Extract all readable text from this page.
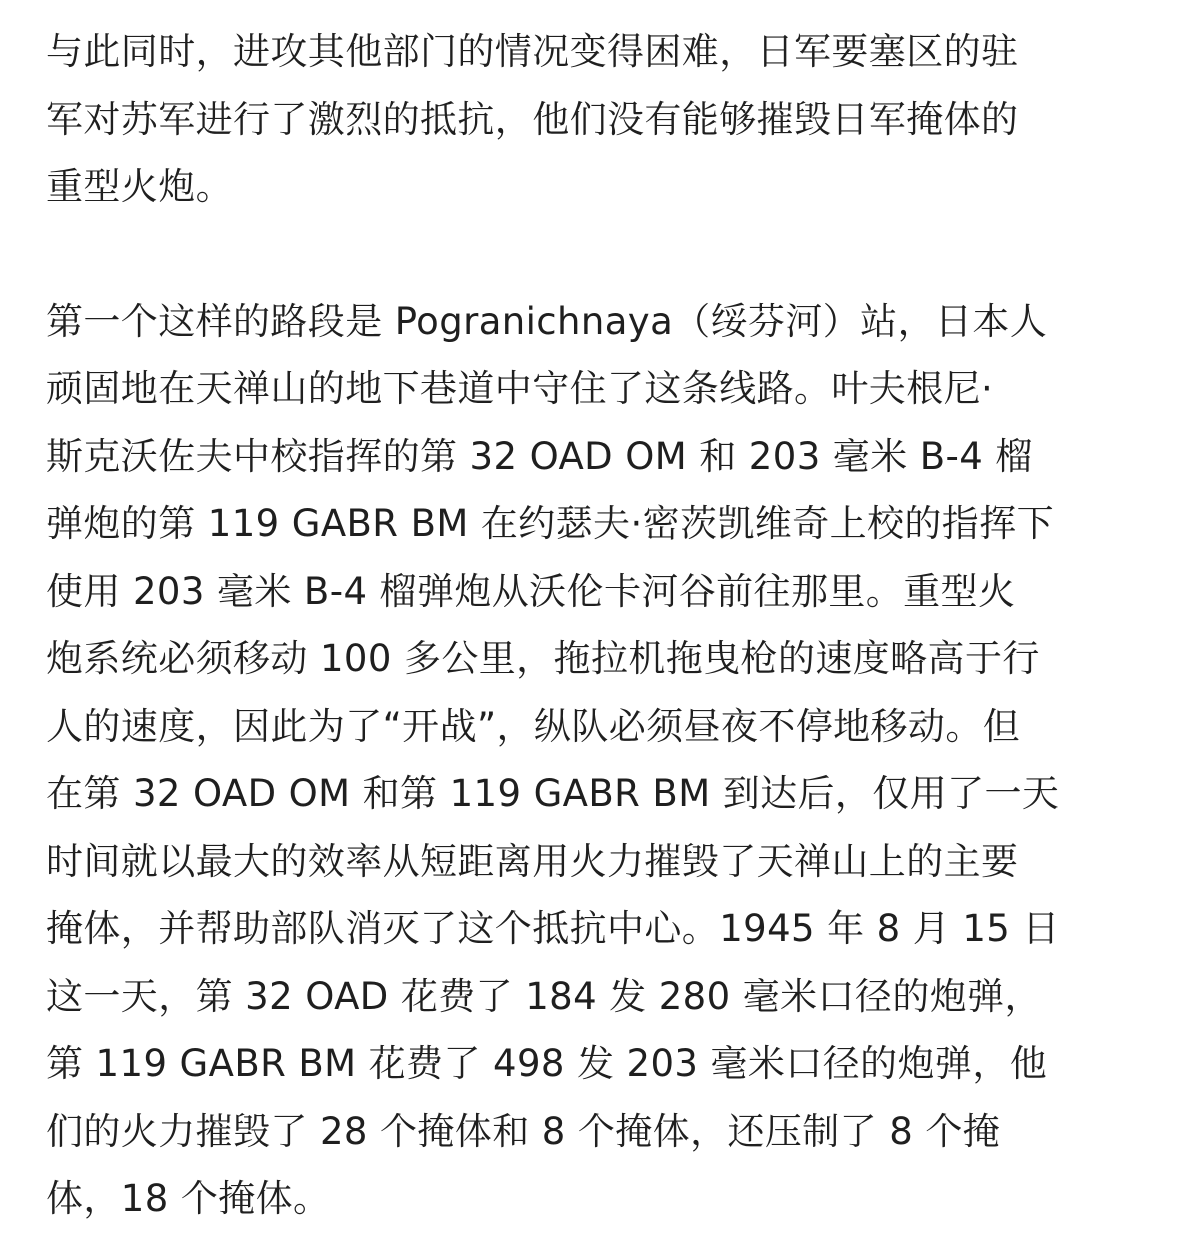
与此同时，进攻其他部门的情况变得困难，日军要塞区的驻
军对苏军进行了激烈的抵抗，他们没有能够摧毁日军掩体的
重型火炮。

第一个这样的路段是 Pogranichnaya（绥芬河）站，日本人
顽固地在天禅山的地下巷道中守住了这条线路。叶夫根尼·
斯克沃佐夫中校指挥的第 32 OAD OM 和 203 毫米 B-4 榴
弹炮的第 119 GABR BM 在约瑟夫·密茨凯维奇上校的指挥下
使用 203 毫米 B-4 榴弹炮从沃伦卡河谷前往那里。重型火
炮系统必须移动 100 多公里，拖拉机拖曳枪的速度略高于行
人的速度，因此为了“开战”，纵队必须昼夜不停地移动。但
在第 32 OAD OM 和第 119 GABR BM 到达后，仅用了一天
时间就以最大的效率从短距离用火力摧毁了天禅山上的主要
掩体，并帮助部队消灭了这个抵抗中心。1945 年 8 月 15 日
这一天，第 32 OAD 花费了 184 发 280 毫米口径的炮弹，
第 119 GABR BM 花费了 498 发 203 毫米口径的炮弹，他
们的火力摧毁了 28 个掩体和 8 个掩体，还压制了 8 个掩
体，18 个掩体。
